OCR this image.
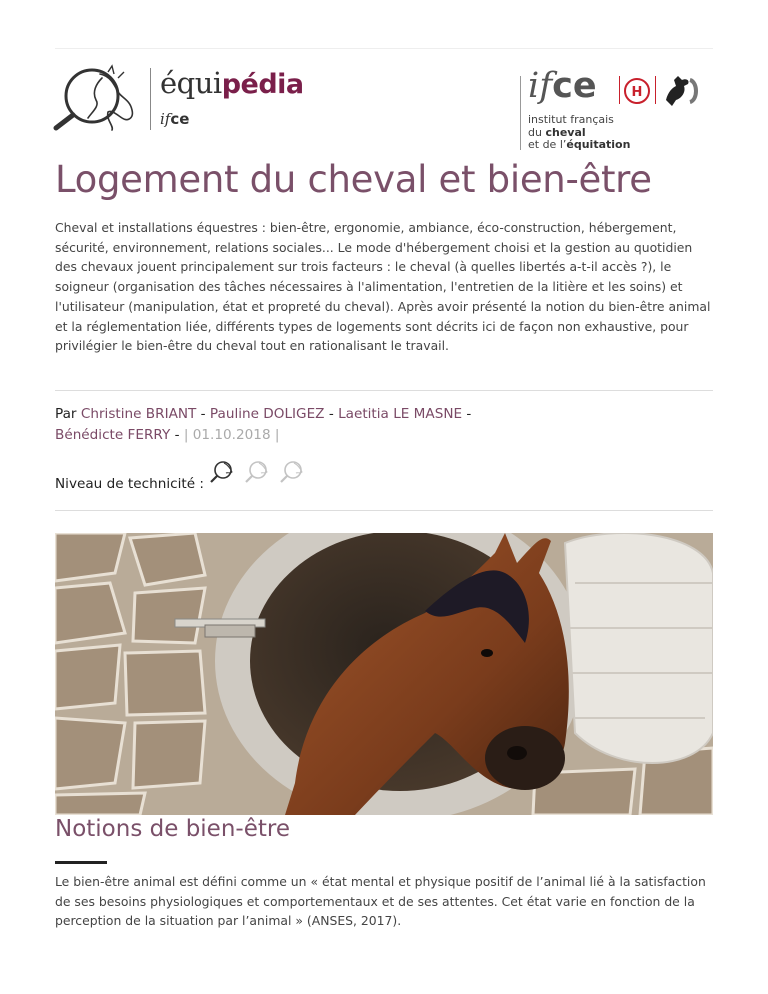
équipédia
ifce
ifce	H
institut français
du cheval
et de l’équitation
Logement du cheval et bien-être

Cheval et installations équestres : bien-être, ergonomie, ambiance, éco-construction, hébergement, sécurité, environnement, relations sociales... Le mode d'hébergement choisi et la gestion au quotidien des chevaux jouent principalement sur trois facteurs : le cheval (à quelles libertés a-t-il accès ?), le soigneur (organisation des tâches nécessaires à l'alimentation, l'entretien de la litière et les soins) et l'utilisateur (manipulation, état et propreté du cheval). Après avoir présenté la notion du bien-être animal et la réglementation liée, différents types de logements sont décrits ici de façon non exhaustive, pour privilégier le bien-être du cheval tout en rationalisant le travail.

Par Christine BRIANT - Pauline DOLIGEZ - Laetitia LE MASNE -
Bénédicte FERRY - | 01.10.2018 |
Niveau de technicité :
Notions de bien-être

Le bien-être animal est défini comme un « état mental et physique positif de l’animal lié à la satisfaction de ses besoins physiologiques et comportementaux et de ses attentes. Cet état varie en fonction de la perception de la situation par l’animal » (ANSES, 2017).
